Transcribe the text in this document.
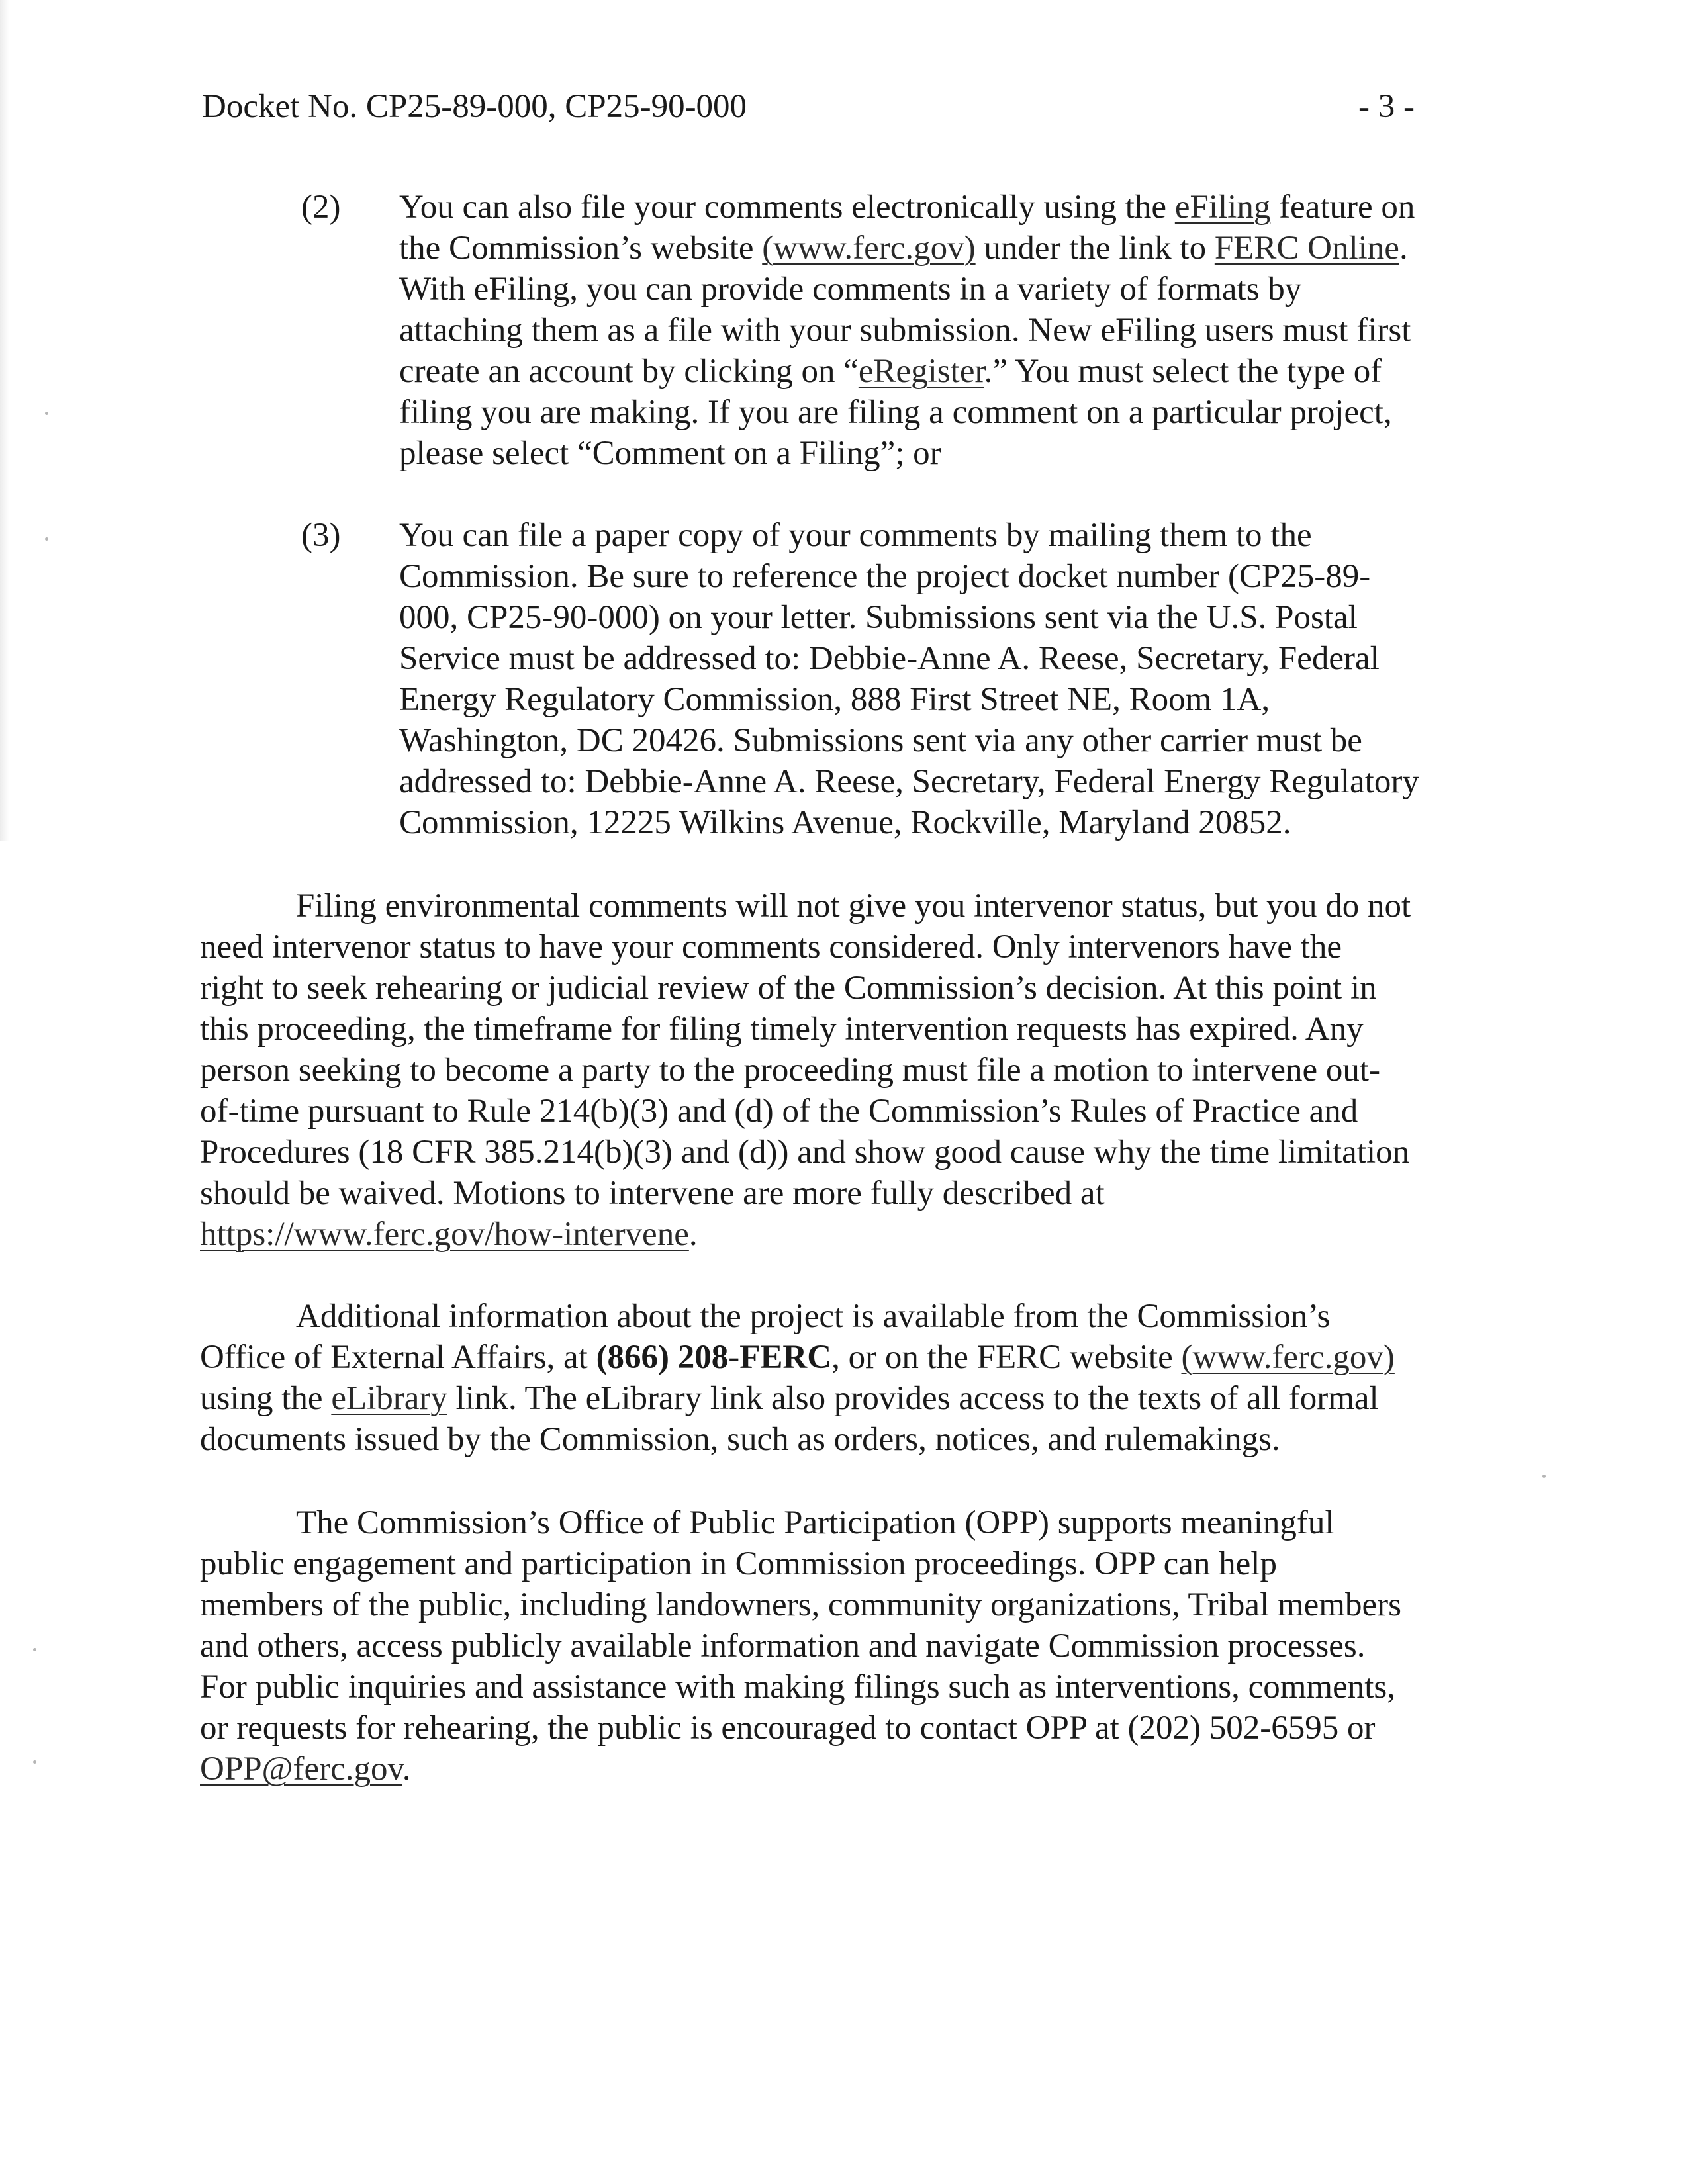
Docket No. CP25-89-000, CP25-90-000	- 3 -
(2) You can also file your comments electronically using the eFiling feature on
the Commission’s website (www.ferc.gov) under the link to FERC Online.
With eFiling, you can provide comments in a variety of formats by
attaching them as a file with your submission. New eFiling users must first
create an account by clicking on “eRegister.” You must select the type of
filing you are making. If you are filing a comment on a particular project,
please select “Comment on a Filing”; or
(3) You can file a paper copy of your comments by mailing them to the
Commission. Be sure to reference the project docket number (CP25-89-
000, CP25-90-000) on your letter. Submissions sent via the U.S. Postal
Service must be addressed to: Debbie-Anne A. Reese, Secretary, Federal
Energy Regulatory Commission, 888 First Street NE, Room 1A,
Washington, DC 20426. Submissions sent via any other carrier must be
addressed to: Debbie-Anne A. Reese, Secretary, Federal Energy Regulatory
Commission, 12225 Wilkins Avenue, Rockville, Maryland 20852.
Filing environmental comments will not give you intervenor status, but you do not
need intervenor status to have your comments considered. Only intervenors have the
right to seek rehearing or judicial review of the Commission’s decision. At this point in
this proceeding, the timeframe for filing timely intervention requests has expired. Any
person seeking to become a party to the proceeding must file a motion to intervene out-
of-time pursuant to Rule 214(b)(3) and (d) of the Commission’s Rules of Practice and
Procedures (18 CFR 385.214(b)(3) and (d)) and show good cause why the time limitation
should be waived. Motions to intervene are more fully described at
https://www.ferc.gov/how-intervene.
Additional information about the project is available from the Commission’s
Office of External Affairs, at (866) 208-FERC, or on the FERC website (www.ferc.gov)
using the eLibrary link. The eLibrary link also provides access to the texts of all formal
documents issued by the Commission, such as orders, notices, and rulemakings.
The Commission’s Office of Public Participation (OPP) supports meaningful
public engagement and participation in Commission proceedings. OPP can help
members of the public, including landowners, community organizations, Tribal members
and others, access publicly available information and navigate Commission processes.
For public inquiries and assistance with making filings such as interventions, comments,
or requests for rehearing, the public is encouraged to contact OPP at (202) 502-6595 or
OPP@ferc.gov.
